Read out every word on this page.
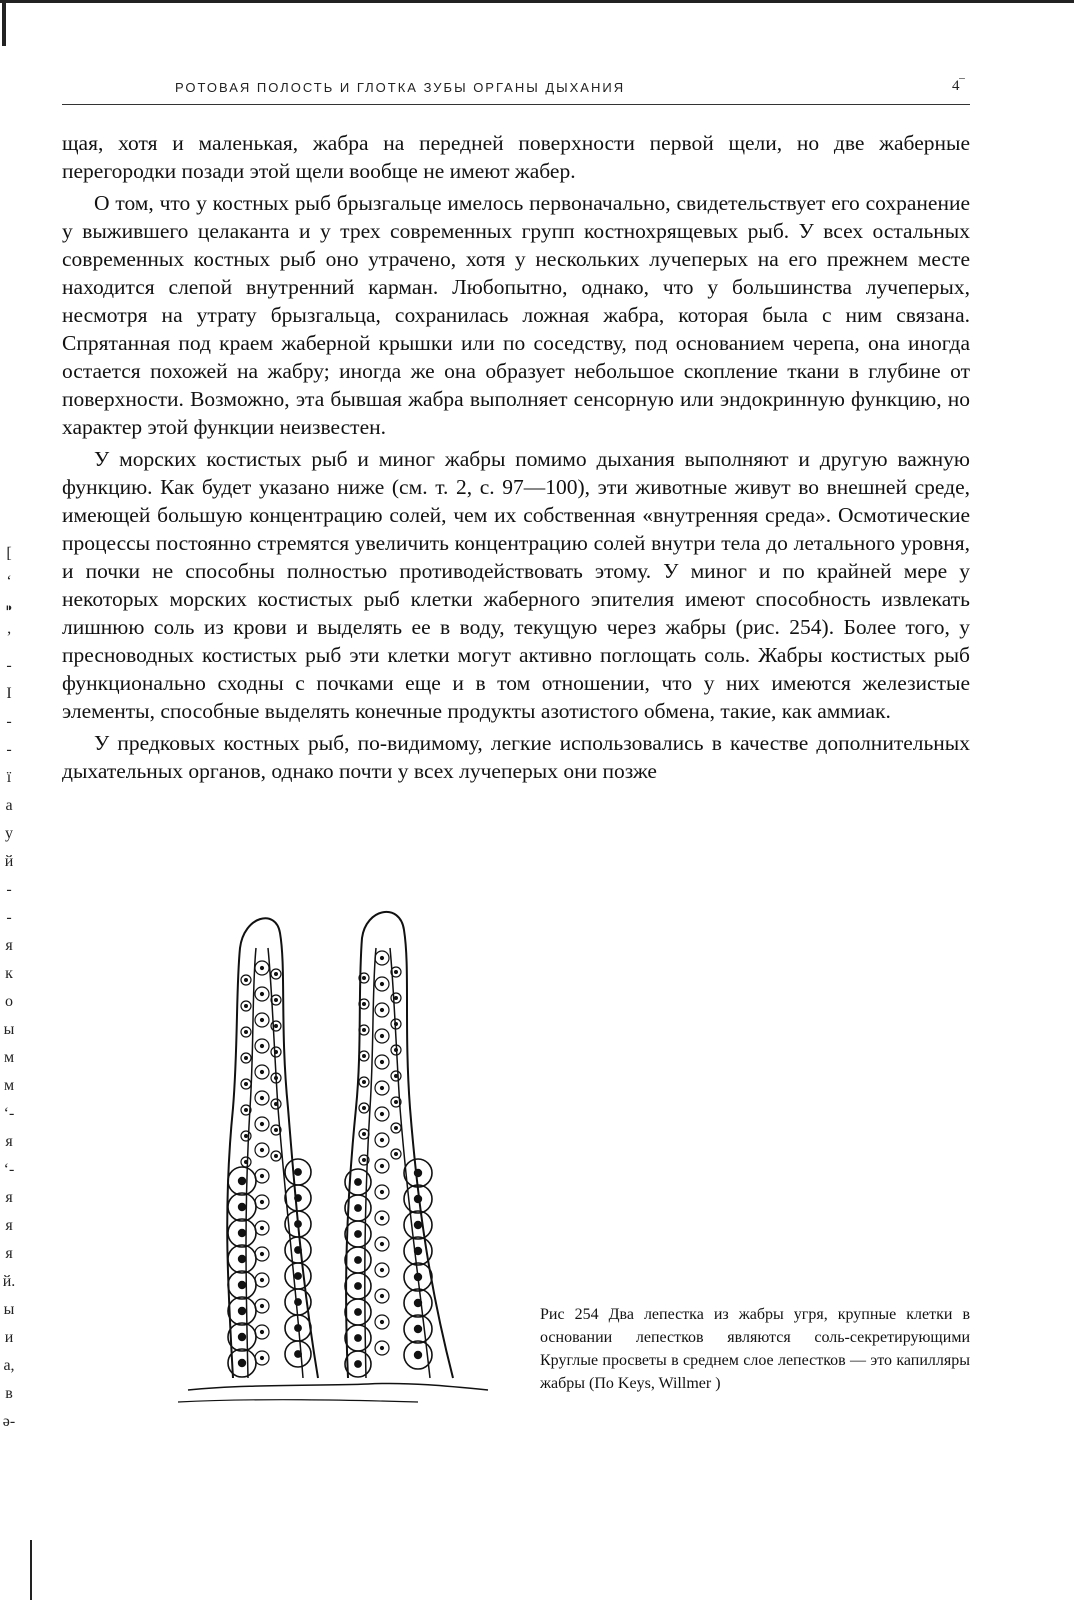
РОТОВАЯ ПОЛОСТЬ И ГЛОТКА ЗУБЫ ОРГАНЫ ДЫХАНИЯ	4‾

щая, хотя и маленькая, жабра на передней поверхности первой щели, но две жаберные перегородки позади этой щели вообще не имеют жабер.

О том, что у костных рыб брызгальце имелось первоначально, свидетельствует его сохранение у выжившего целаканта и у трех современных групп костнохрящевых рыб. У всех остальных современных костных рыб оно утрачено, хотя у нескольких лучеперых на его прежнем месте находится слепой внутренний карман. Любопытно, однако, что у большинства лучеперых, несмотря на утрату брызгальца, сохранилась ложная жабра, которая была с ним связана. Спрятанная под краем жаберной крышки или по соседству, под основанием черепа, она иногда остается похожей на жабру; иногда же она образует небольшое скопление ткани в глубине от поверхности. Возможно, эта бывшая жабра выполняет сенсорную или эндокринную функцию, но характер этой функции неизвестен.

У морских костистых рыб и миног жабры помимо дыхания выполняют и другую важную функцию. Как будет указано ниже (см. т. 2, с. 97—100), эти животные живут во внешней среде, имеющей большую концентрацию солей, чем их собственная «внутренняя среда». Осмотические процессы постоянно стремятся увеличить концентрацию солей внутри тела до летального уровня, и почки не способны полностью противодействовать этому. У миног и по крайней мере у некоторых морских костистых рыб клетки жаберного эпителия имеют способность извлекать лишнюю соль из крови и выделять ее в воду, текущую через жабры (рис. 254). Более того, у пресноводных костистых рыб эти клетки могут активно поглощать соль. Жабры костистых рыб функционально сходны с почками еще и в том отношении, что у них имеются железистые элементы, способные выделять конечные продукты азотистого обмена, такие, как аммиак.

У предковых костных рыб, по-видимому, легкие использовались в качестве дополнительных дыхательных органов, однако почти у всех лучеперых они позже

[
ʻ
⁍
ʼ
-
I
-
-
ї
a
у
й
-
-
я
к
о
ы
м
м
ʻ-
я
ʻ-
я
я
я
й.
ы
и
а,
в
ә-
Рис 254 Два лепестка из жабры угря, крупные клетки в основании лепестков являются соль-секретирующими Круглые просветы в среднем слое лепестков — это капилляры жабры (По Keys, Willmer )
